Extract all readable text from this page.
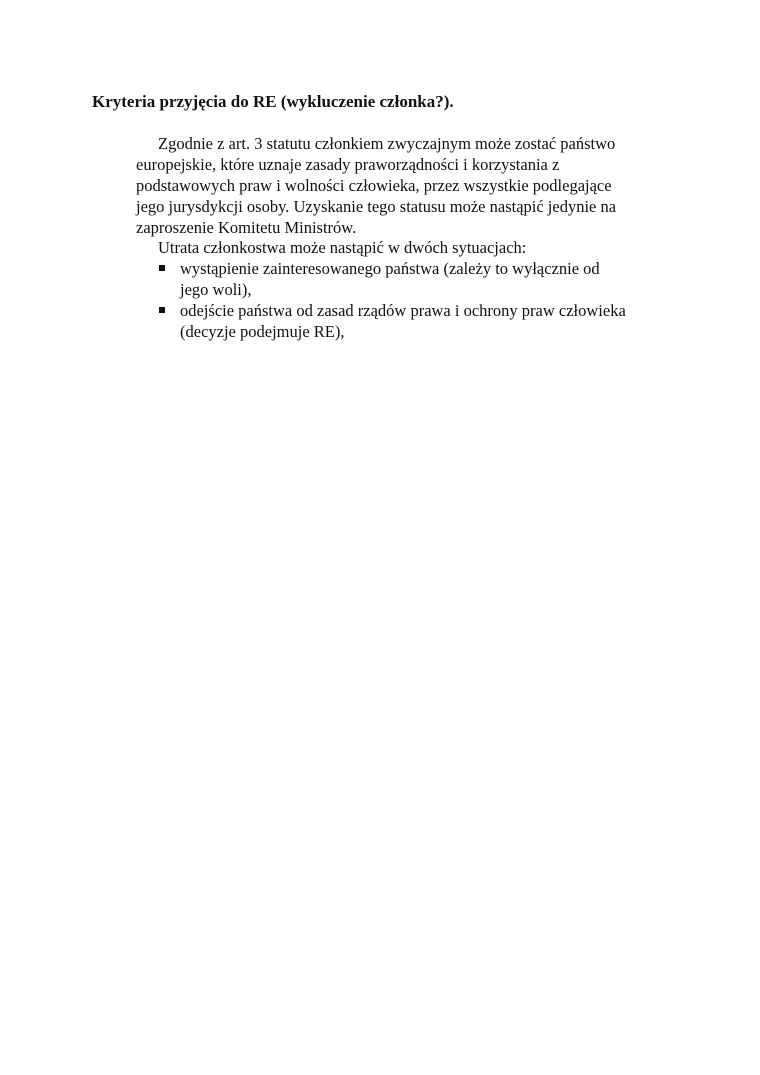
Kryteria przyjęcia do RE (wykluczenie członka?).

Zgodnie z art. 3 statutu członkiem zwyczajnym może zostać państwo
europejskie, które uznaje zasady praworządności i korzystania z
podstawowych praw i wolności człowieka, przez wszystkie podlegające
jego jurysdykcji osoby. Uzyskanie tego statusu może nastąpić jedynie na
zaproszenie Komitetu Ministrów.

Utrata członkostwa może nastąpić w dwóch sytuacjach:

wystąpienie zainteresowanego państwa (zależy to wyłącznie od
jego woli),
odejście państwa od zasad rządów prawa i ochrony praw człowieka
(decyzje podejmuje RE),
